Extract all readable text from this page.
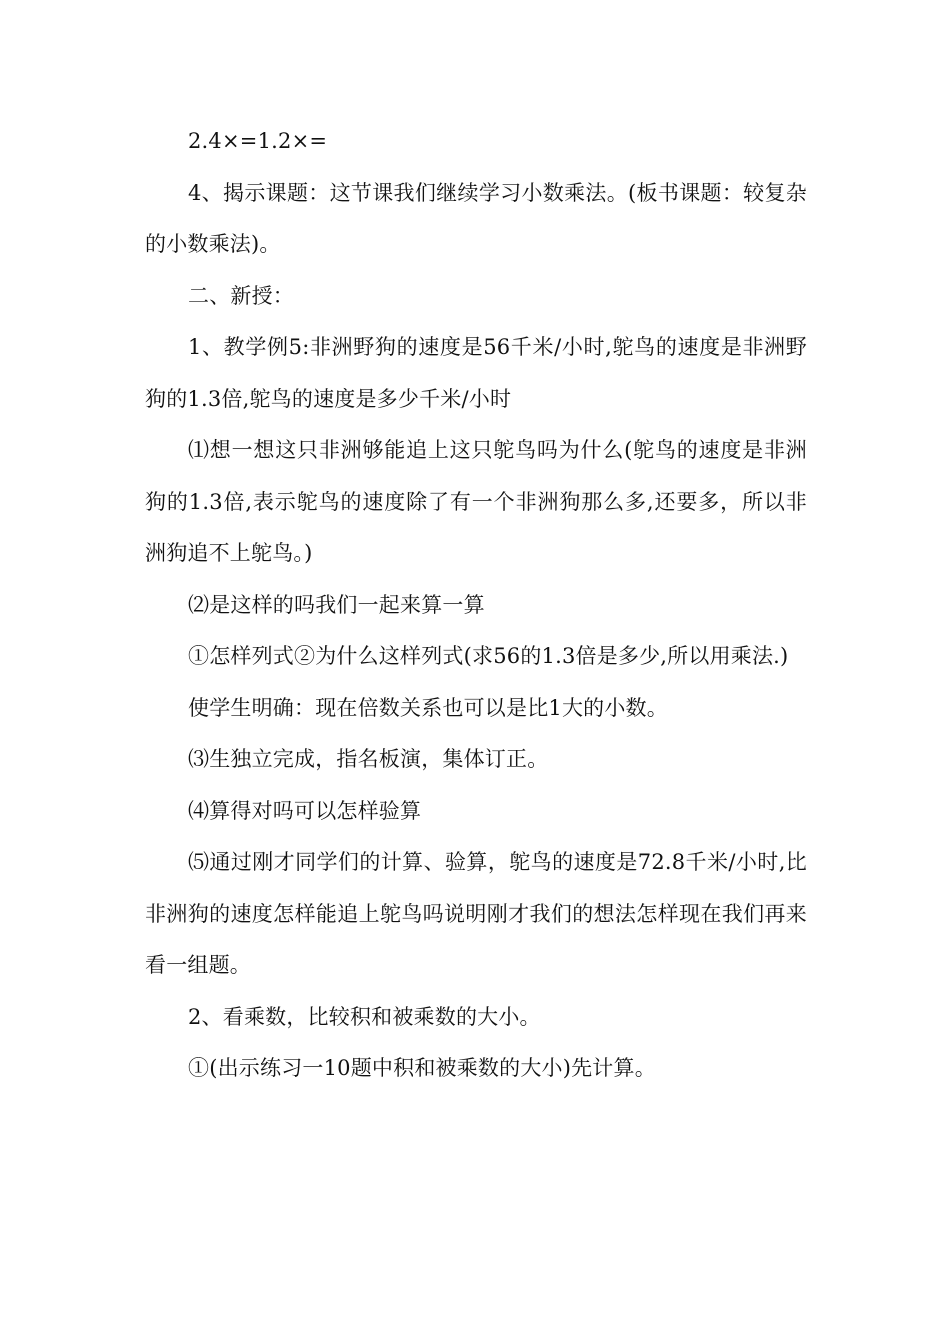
2.4×=1.2×=

4、揭示课题：这节课我们继续学习小数乘法。(板书课题：较复杂的小数乘法)。

二、新授：

1、教学例5:非洲野狗的速度是56千米/小时,鸵鸟的速度是非洲野狗的1.3倍,鸵鸟的速度是多少千米/小时

⑴想一想这只非洲够能追上这只鸵鸟吗为什么(鸵鸟的速度是非洲狗的1.3倍,表示鸵鸟的速度除了有一个非洲狗那么多,还要多，所以非洲狗追不上鸵鸟。)

⑵是这样的吗我们一起来算一算

①怎样列式②为什么这样列式(求56的1.3倍是多少,所以用乘法.)

使学生明确：现在倍数关系也可以是比1大的小数。

⑶生独立完成，指名板演，集体订正。

⑷算得对吗可以怎样验算

⑸通过刚才同学们的计算、验算，鸵鸟的速度是72.8千米/小时,比非洲狗的速度怎样能追上鸵鸟吗说明刚才我们的想法怎样现在我们再来看一组题。

2、看乘数，比较积和被乘数的大小。

①(出示练习一10题中积和被乘数的大小)先计算。
